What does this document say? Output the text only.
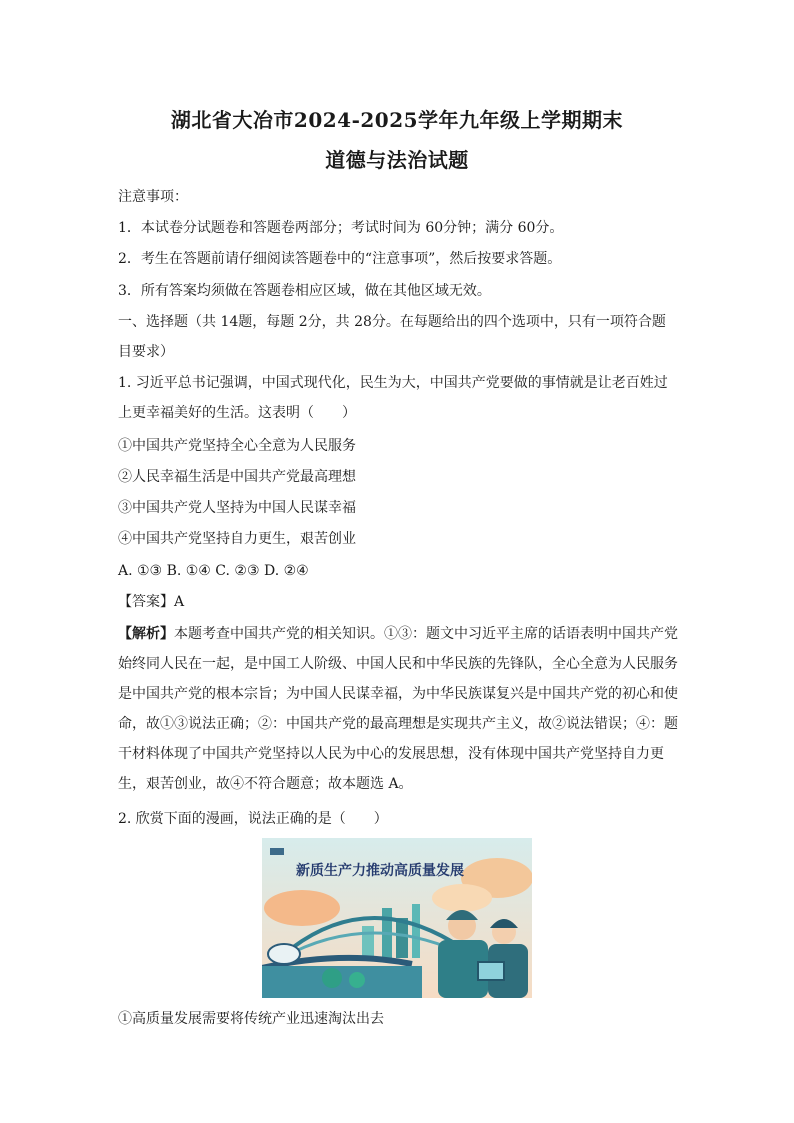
湖北省大冶市2024-2025学年九年级上学期期末
道德与法治试题
注意事项：
1．本试卷分试题卷和答题卷两部分；考试时间为 60分钟；满分 60分。
2．考生在答题前请仔细阅读答题卷中的“注意事项”，然后按要求答题。
3．所有答案均须做在答题卷相应区域，做在其他区域无效。
一、选择题（共 14题，每题 2分，共 28分。在每题给出的四个选项中，只有一项符合题目要求）
1. 习近平总书记强调，中国式现代化，民生为大，中国共产党要做的事情就是让老百姓过上更幸福美好的生活。这表明（　　）
①中国共产党坚持全心全意为人民服务
②人民幸福生活是中国共产党最高理想
③中国共产党人坚持为中国人民谋幸福
④中国共产党坚持自力更生，艰苦创业
A. ①③ B. ①④ C. ②③ D. ②④
【答案】A
【解析】本题考查中国共产党的相关知识。①③：题文中习近平主席的话语表明中国共产党始终同人民在一起，是中国工人阶级、中国人民和中华民族的先锋队，全心全意为人民服务是中国共产党的根本宗旨；为中国人民谋幸福，为中华民族谋复兴是中国共产党的初心和使命，故①③说法正确；②：中国共产党的最高理想是实现共产主义，故②说法错误；④：题干材料体现了中国共产党坚持以人民为中心的发展思想，没有体现中国共产党坚持自力更生，艰苦创业，故④不符合题意；故本题选 A。
2. 欣赏下面的漫画，说法正确的是（　　）
新质生产力推动高质量发展
①高质量发展需要将传统产业迅速淘汰出去
